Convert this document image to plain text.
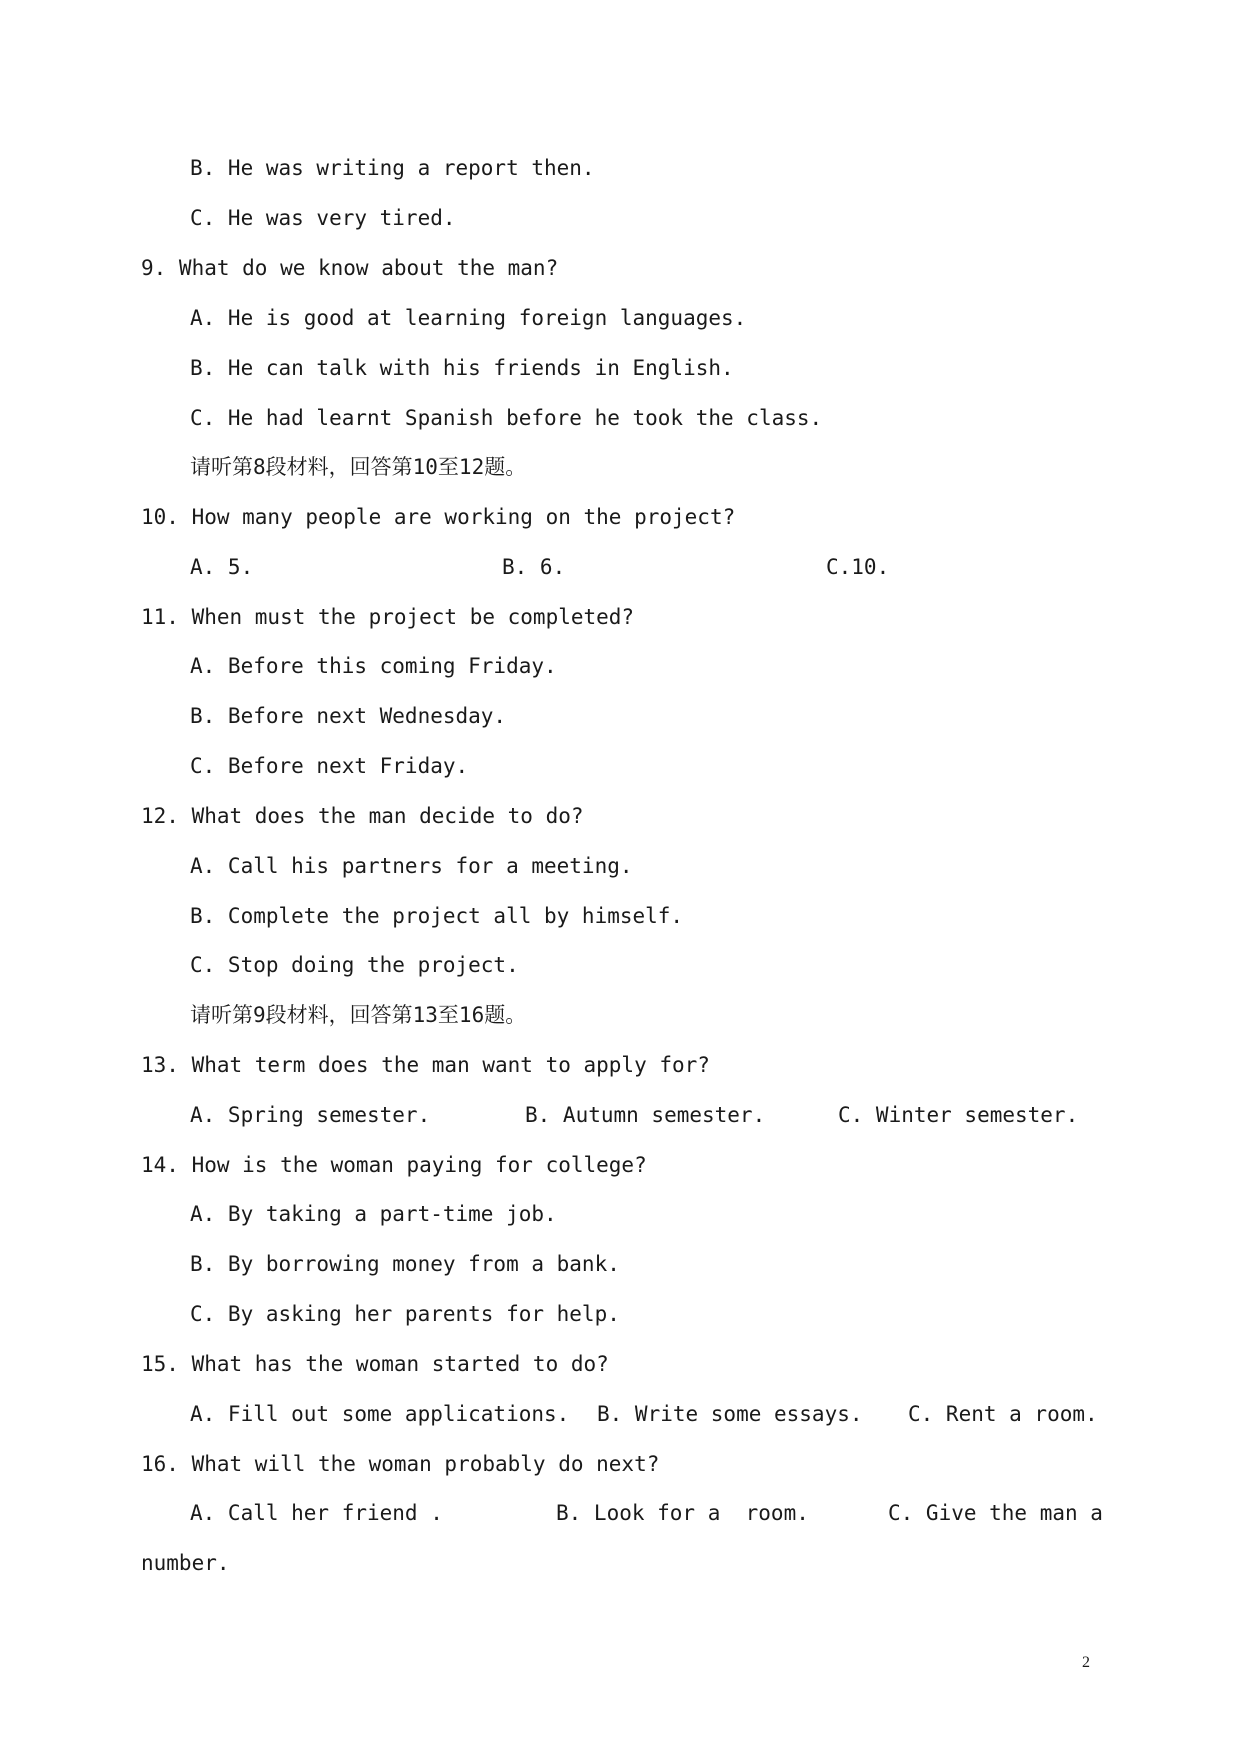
B. He was writing a report then.
C. He was very tired.
9. What do we know about the man?
A. He is good at learning foreign languages.
B. He can talk with his friends in English.
C. He had learnt Spanish before he took the class.
请听第8段材料，回答第10至12题。
10. How many people are working on the project?
A. 5.	B. 6.	C.10.
11. When must the project be completed?
A. Before this coming Friday.
B. Before next Wednesday.
C. Before next Friday.
12. What does the man decide to do?
A. Call his partners for a meeting.
B. Complete the project all by himself.
C. Stop doing the project.
请听第9段材料，回答第13至16题。
13. What term does the man want to apply for?
A. Spring semester.	B. Autumn semester.	C. Winter semester.
14. How is the woman paying for college?
A. By taking a part-time job.
B. By borrowing money from a bank.
C. By asking her parents for help.
15. What has the woman started to do?
A. Fill out some applications. B. Write some essays. C. Rent a room.
16. What will the woman probably do next?
A. Call her friend .	B. Look for a  room.	C. Give the man a
number.
2
